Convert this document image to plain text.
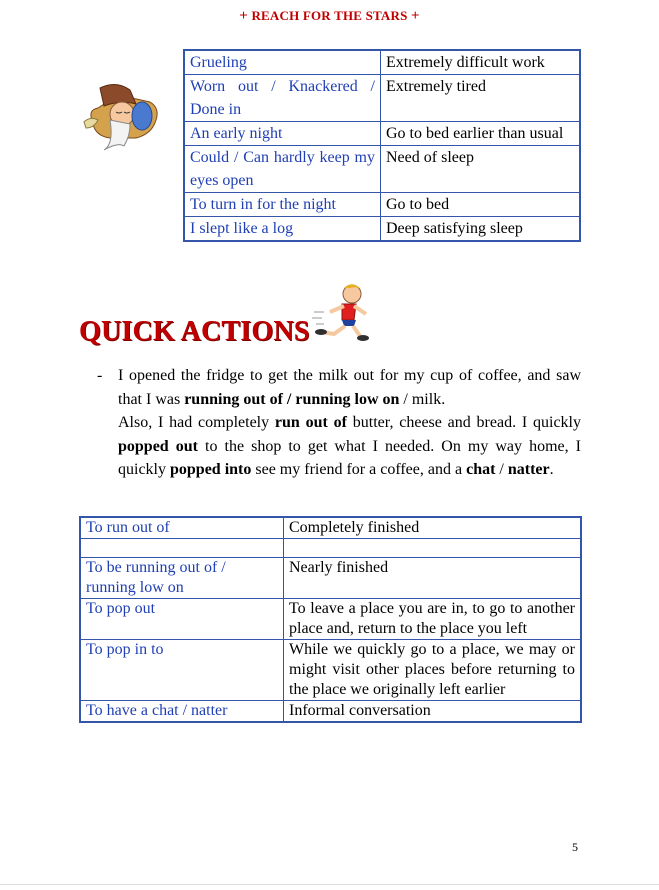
+ REACH FOR THE STARS +
Grueling	Extremely difficult work
Worn out / Knackered / Done in	Extremely tired
An early night	Go to bed earlier than usual
Could / Can hardly keep my eyes open	Need of sleep
To turn in for the night	Go to bed
I slept like a log	Deep satisfying sleep
QUICK ACTIONS
- I opened the fridge to get the milk out for my cup of coffee, and saw that I was running out of / running low on / milk.
Also, I had completely run out of butter, cheese and bread. I quickly popped out to the shop to get what I needed. On my way home, I quickly popped into see my friend for a coffee, and a chat / natter.
To run out of	Completely finished

To be running out of / running low on	Nearly finished
To pop out	To leave a place you are in, to go to another place and, return to the place you left
To pop in to	While we quickly go to a place, we may or might visit other places before returning to the place we originally left earlier
To have a chat / natter	Informal conversation
5
